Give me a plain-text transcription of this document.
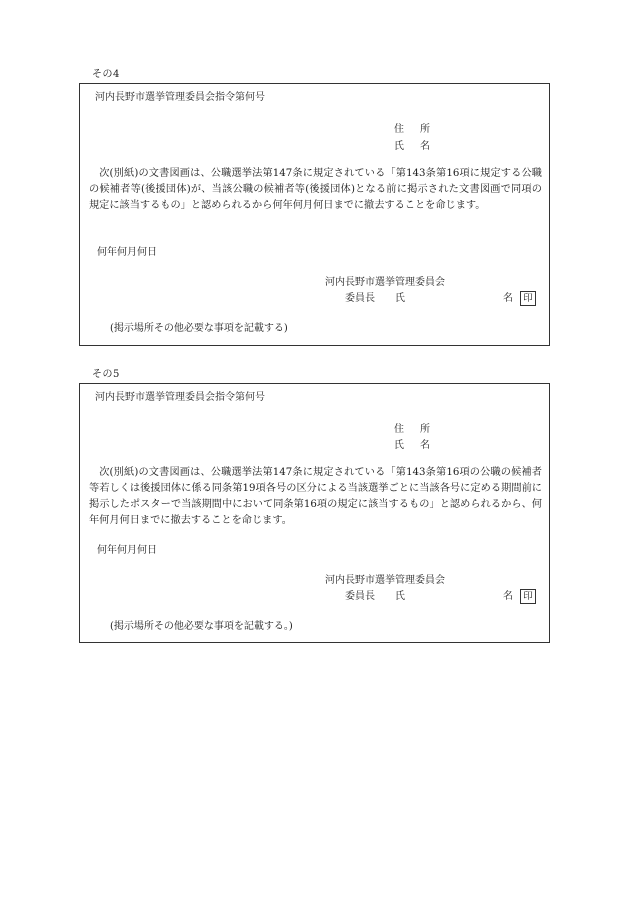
その4
河内長野市選挙管理委員会指令第何号
住 所
氏 名
次(別紙)の文書図画は、公職選挙法第147条に規定されている「第143条第16項に規定する公職の候補者等(後援団体)が、当該公職の候補者等(後援団体)となる前に掲示された文書図画で同項の規定に該当するもの」と認められるから何年何月何日までに撤去することを命じます。
何年何月何日
河内長野市選挙管理委員会
委員長 氏	名	印
(掲示場所その他必要な事項を記載する)
その5
河内長野市選挙管理委員会指令第何号
住 所
氏 名
次(別紙)の文書図画は、公職選挙法第147条に規定されている「第143条第16項の公職の候補者等若しくは後援団体に係る同条第19項各号の区分による当該選挙ごとに当該各号に定める期間前に掲示したポスターで当該期間中において同条第16項の規定に該当するもの」と認められるから、何年何月何日までに撤去することを命じます。
何年何月何日
河内長野市選挙管理委員会
委員長 氏	名	印
(掲示場所その他必要な事項を記載する。)
